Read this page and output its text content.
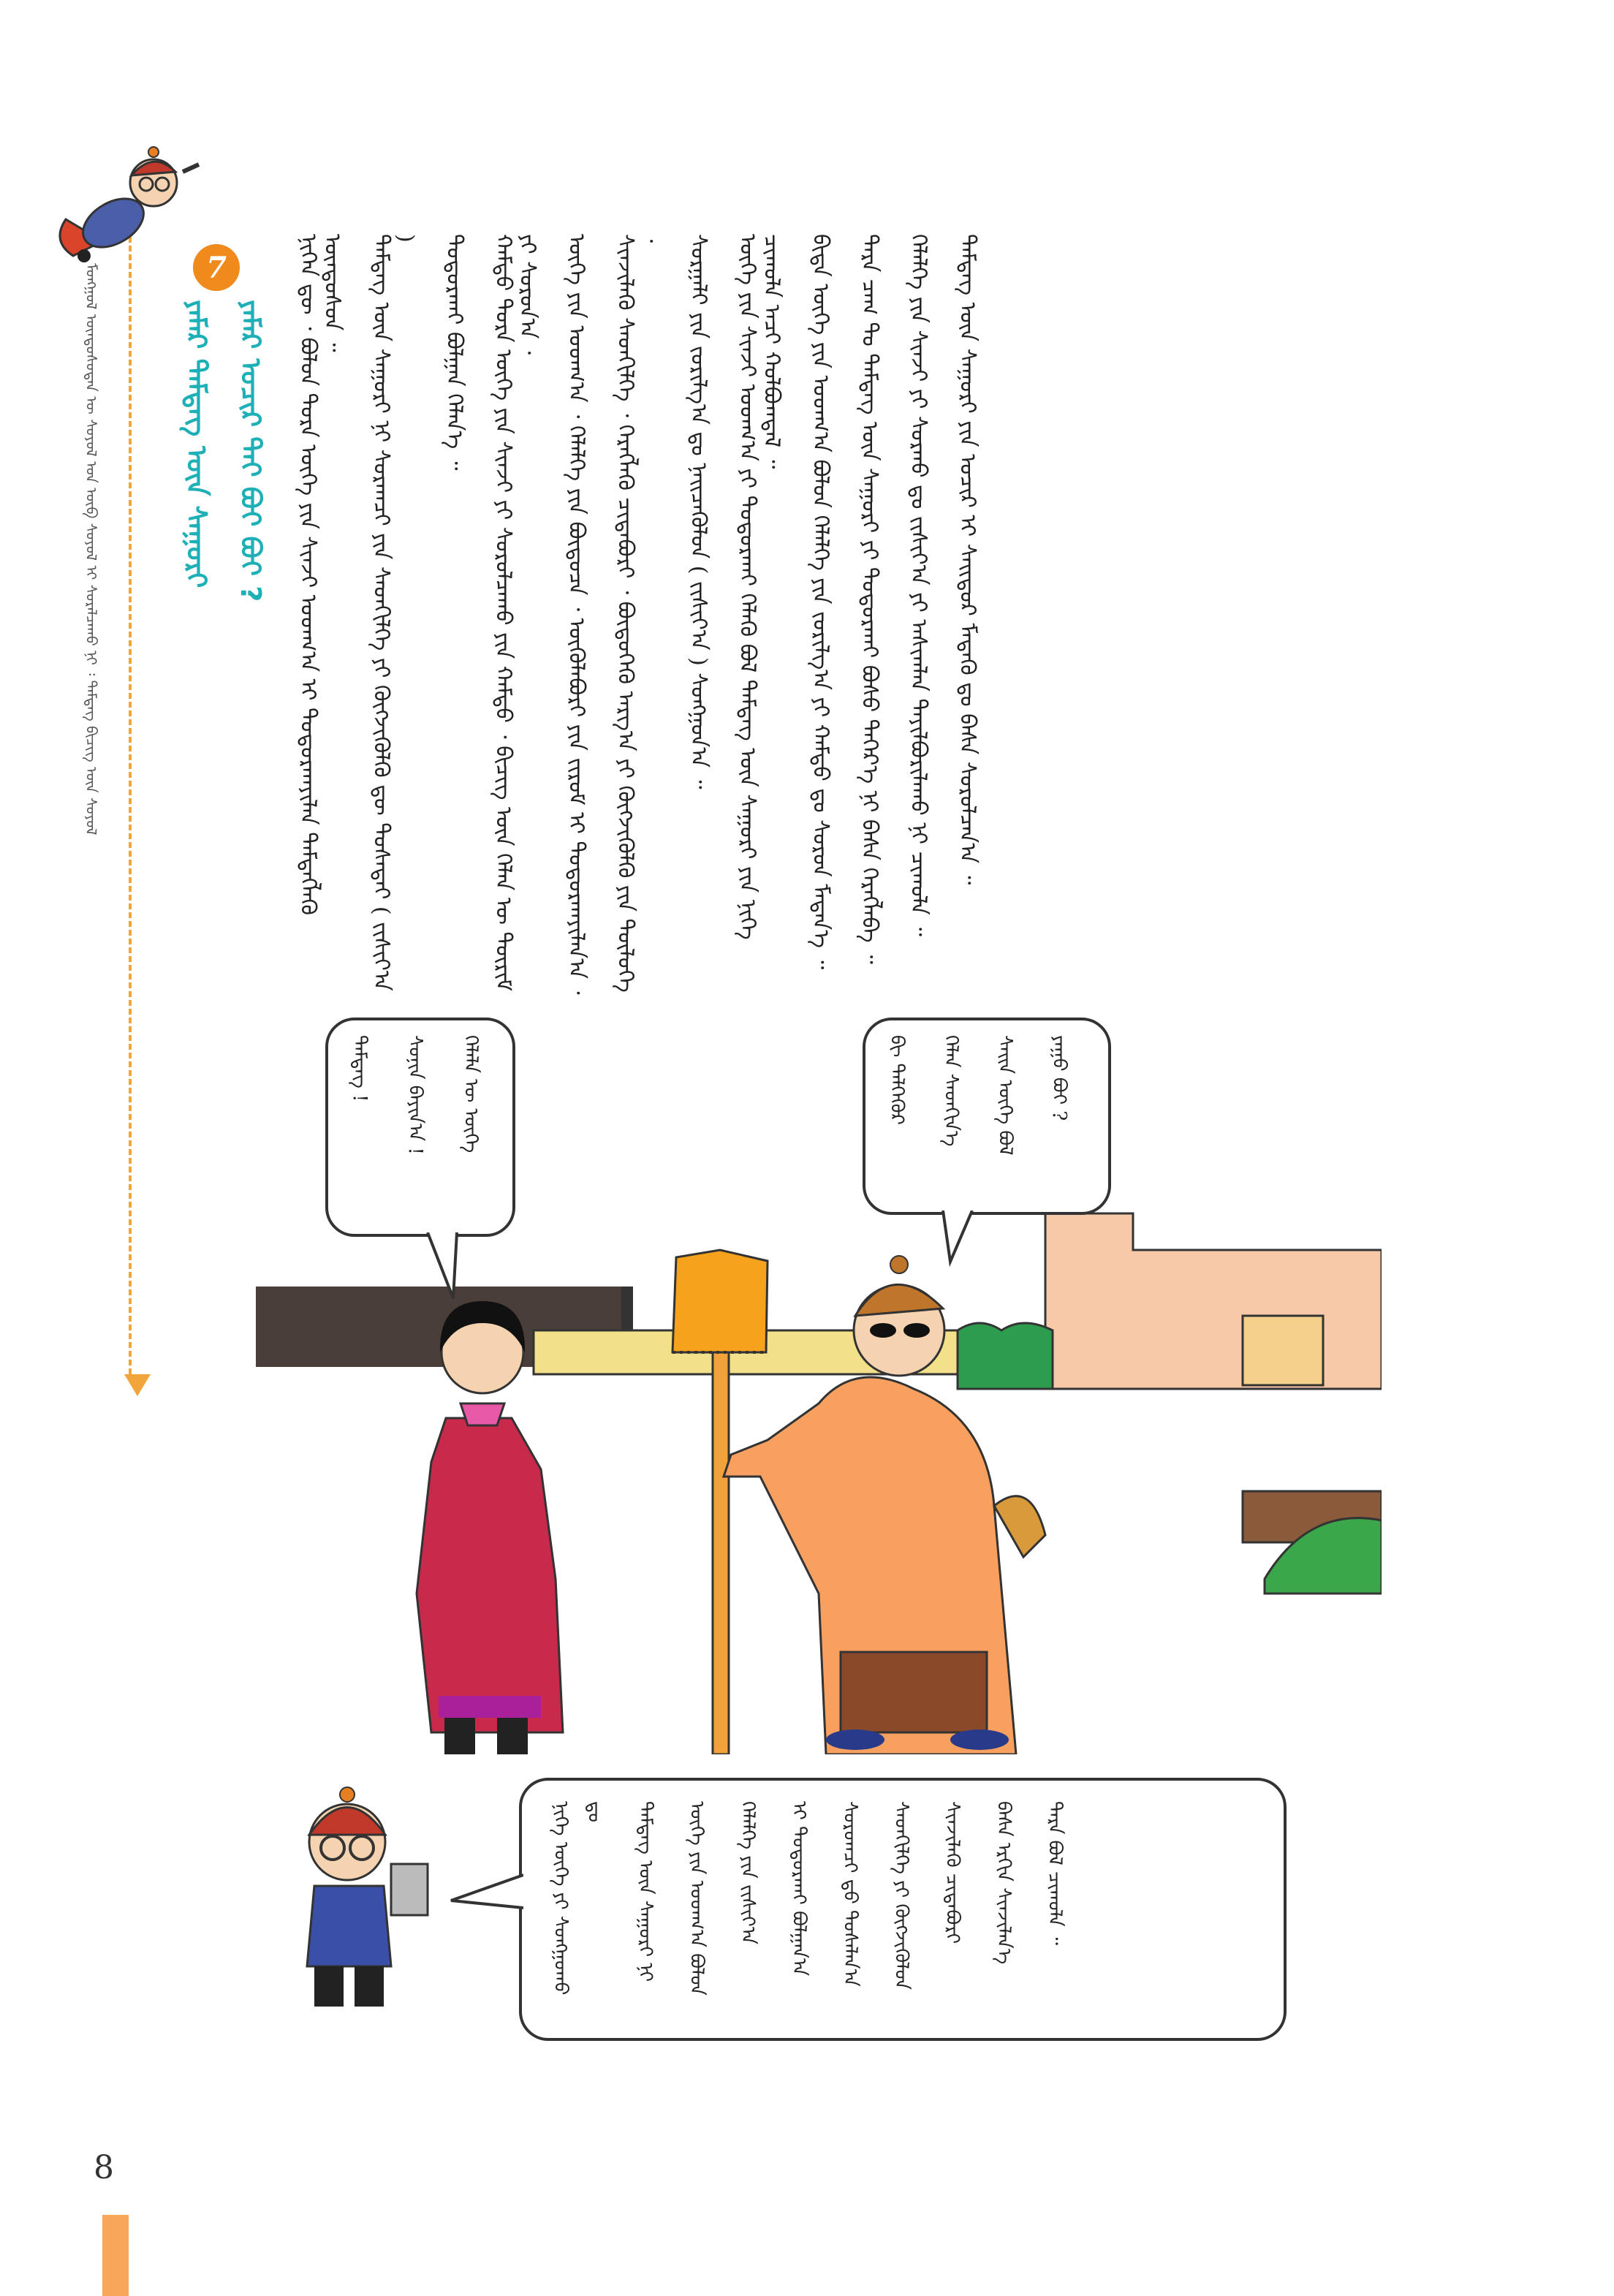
ᠮᠣᠩᠭᠣᠯ ᠦᠨᠳᠦᠰᠦᠲᠡᠨ ᠦ ᠰᠣᠶᠣᠯ ᠤᠨ ᠦᠪ ᠰᠣᠶᠣᠯ ᠢ ᠰᠤᠷᠠᠯᠴᠠᠬᠤ ᠨᠢ ᠄ ᠲᠡᠮᠳᠡᠭ ᠪᠢᠴᠢᠭ ᠦᠨ ᠰᠣᠶᠣᠯ	7
ᠶᠠᠮᠠᠷ ᠲᠡᠮᠳᠡᠭ ᠦᠨ ᠰᠠᠭᠤᠷᠢ ᠶᠠᠮᠠᠷ ᠤᠴᠢᠷ ᠲᠠᠶ ᠪᠤᠢ ᠪᠤᠢ ?	ᠨᠢᠭᠡᠨ ᠳᠦ ᠂ ᠪᠣᠯᠤᠨ ᠳᠤᠷᠠ ᠦᠭᠡ ᠶᠢᠨ ᠰᠢᠨᠵᠢ ᠤᠳᠬ᠎ᠠ ᠢ ᠲᠣᠳᠤᠷᠬᠠᠶᠢᠯᠠᠨ ᠲᠡᠮᠳᠡᠭᠯᠡᠬᠦ ᠦᠨᠳᠦᠰᠦᠨ ᠃ ᠲᠡᠮᠳᠡᠭ ᠦᠨ ᠰᠠᠭᠤᠷᠢ ᠨᠢ ᠰᠤᠷᠠᠭᠴᠢ ᠶᠢᠨ ᠰᠡᠳᠬᠢᠯᠭᠡ ᠶᠢ ᠬᠥᠭᠵᠢᠭᠦᠯᠬᠦ ᠳᠦ ᠲᠤᠰᠠᠲᠠᠢ ( ᠵᠢᠱᠢᠶ᠎ᠠ ) ᠲᠣᠳᠤᠷᠬᠠᠢ ᠪᠣᠯᠭᠠᠨ ᠬᠡᠯᠡᠨ᠎ᠡ ᠃ ᠬᠠᠮᠲᠤ ᠳᠤᠷᠠ ᠦᠭᠡ ᠶᠢᠨ ᠰᠢᠨᠵᠢ ᠶᠢ ᠰᠤᠷᠤᠯᠴᠠᠬᠤ ᠶᠢᠨ ᠬᠠᠮᠲᠤ ᠂ ᠪᠢᠴᠢᠭ ᠦᠨ ᠬᠡᠯᠡᠨ ᠦ ᠳᠦᠷᠢᠮ ᠶᠢ ᠰᠤᠷᠤᠨ᠎ᠠ ᠂ ᠦᠭᠡ ᠶᠢᠨ ᠤᠳᠬ᠎ᠠ ᠂ ᠬᠡᠯᠡᠯᠭᠡ ᠶᠢᠨ ᠪᠦᠲᠦᠴᠡ ᠂ ᠦᠭᠦᠯᠡᠪᠦᠷᠢ ᠶᠢᠨ ᠵᠢᠷᠤᠮ ᠢ ᠲᠣᠳᠤᠷᠬᠠᠶᠢᠯᠠᠨ᠎ᠠ ᠂ ᠰᠢᠨᠵᠢᠯᠡᠬᠦ ᠰᠡᠳᠬᠢᠯᠭᠡ ᠂ ᠬᠡᠷᠡᠭᠯᠡᠬᠦ ᠴᠢᠳᠠᠪᠤᠷᠢ ᠂ ᠪᠦᠲᠦᠭᠡᠬᠦ ᠠᠷᠭ᠎ᠠ ᠶᠢ ᠬᠥᠭᠵᠢᠭᠦᠯᠬᠦ ᠶᠢᠨ ᠲᠥᠯᠦᠭᠡ ᠂ ᠰᠤᠷᠭᠠᠯᠢ ᠶᠢᠨ ᠵᠣᠷᠢᠯᠭ᠎ᠠ ᠳᠤ ᠨᠡᠢᠴᠡᠭᠦᠯᠦᠨ ( ᠵᠢᠱᠢᠶ᠎ᠠ ) ᠰᠣᠩᠭᠣᠨ᠎ᠠ ᠃ ᠦᠭᠡ ᠶᠢᠨ ᠰᠢᠨᠵᠢ ᠤᠳᠬ᠎ᠠ ᠶᠢ ᠲᠣᠳᠤᠷᠬᠠᠢ ᠬᠡᠯᠡᠬᠦ ᠪᠣᠯ ᠲᠡᠮᠳᠡᠭ ᠦᠨ ᠰᠠᠭᠤᠷᠢ ᠶᠢᠨ ᠨᠢᠭᠡ ᠴᠢᠬᠤᠯᠠ ᠠᠴᠢ ᠬᠣᠯᠪᠣᠭᠳᠠᠯ ᠃ ᠪᠢᠳᠡ ᠦᠭᠡ ᠶᠢᠨ ᠤᠳᠬ᠎ᠠ ᠪᠣᠯᠤᠨ ᠬᠡᠯᠡᠯᠭᠡ ᠶᠢᠨ ᠵᠣᠷᠢᠯᠭ᠎ᠠ ᠶᠢ ᠬᠠᠮᠲᠤ ᠳᠤ ᠰᠤᠷᠤᠨ ᠮᠡᠳᠡᠨ᠎ᠡ ᠃ ᠲᠡᠷᠡ ᠴᠠᠭ ᠲᠤ ᠲᠡᠮᠳᠡᠭ ᠦᠨ ᠰᠠᠭᠤᠷᠢ ᠶᠢ ᠲᠣᠳᠤᠷᠬᠠᠢ ᠪᠤᠰᠤ ᠳᠡᠭᠡᠷ᠎ᠡ ᠨᠢ ᠪᠠᠰᠠ ᠬᠡᠷᠡᠭᠯᠡᠪᠡ ᠃ ᠬᠡᠯᠡᠯᠭᠡ ᠶᠢᠨ ᠰᠢᠨᠵᠢ ᠶᠢ ᠰᠤᠷᠬᠤ ᠳᠤ ᠵᠢᠱᠢᠶ᠎ᠠ ᠶᠢ ᠠᠰᠢᠭᠯᠠᠨ ᠲᠠᠶᠢᠯᠪᠤᠷᠢᠯᠠᠬᠤ ᠨᠢ ᠴᠢᠬᠤᠯᠠ ᠃ ᠲᠡᠮᠳᠡᠭ ᠦᠨ ᠰᠠᠭᠤᠷᠢ ᠶᠢᠨ ᠤᠴᠢᠷ ᠢ ᠰᠠᠢᠲᠤᠷ ᠮᠡᠳᠡᠬᠦ ᠳᠤ ᠪᠠᠰᠠ ᠰᠤᠷᠤᠯᠴᠠᠨ᠎ᠠ ᠃
ᠪᠢ ᠳᠡᠯᠭᠡᠭᠦᠷ	ᠬᠡᠯᠡᠨ ᠰᠡᠳᠬᠢᠨ᠎ᠡ	ᠰᠠᠢᠨ ᠦᠭᠡ ᠪᠣᠯ	ᠶᠠᠭᠤ ᠪᠤᠢ ?
ᠲᠡᠮᠳᠡᠭ !	ᠰᠣᠨᠢᠨ ᠪᠠᠶᠢᠨ᠎ᠠ !	ᠬᠡᠯᠡᠯᠡ ᠦ ᠦᠭᠡ
ᠨᠢᠭᠡ ᠦᠭᠡ ᠶᠢ ᠰᠣᠩᠭᠣᠬᠤ ᠳᠤ	ᠲᠡᠮᠳᠡᠭ ᠦᠨ ᠰᠠᠭᠤᠷᠢ ᠨᠢ	ᠦᠭᠡ ᠶᠢᠨ ᠤᠳᠬ᠎ᠠ ᠪᠣᠯᠤᠨ	ᠬᠡᠯᠡᠯᠭᠡ ᠶᠢᠨ ᠵᠢᠱᠢᠶ᠎ᠠ	ᠢ ᠲᠣᠳᠤᠷᠬᠠᠢ ᠪᠣᠯᠭᠠᠨ᠎ᠠ	ᠰᠤᠷᠤᠭᠴᠢ ᠳ᠋ᠤ ᠲᠤᠰᠠᠯᠠᠨ᠎ᠠ	ᠰᠡᠳᠬᠢᠯᠭᠡ ᠶᠢ ᠬᠥᠭᠵᠢᠭᠦᠯᠦᠨ	ᠰᠢᠨᠵᠢᠯᠡᠬᠦ ᠴᠢᠳᠠᠪᠤᠷᠢ	ᠪᠠᠰᠠ ᠡᠷᠭᠢᠨ ᠰᠢᠨᠵᠢᠯᠡᠨ᠎ᠡ	ᠲᠡᠷᠡ ᠪᠣᠯ ᠴᠢᠬᠤᠯᠠ ᠃
8
